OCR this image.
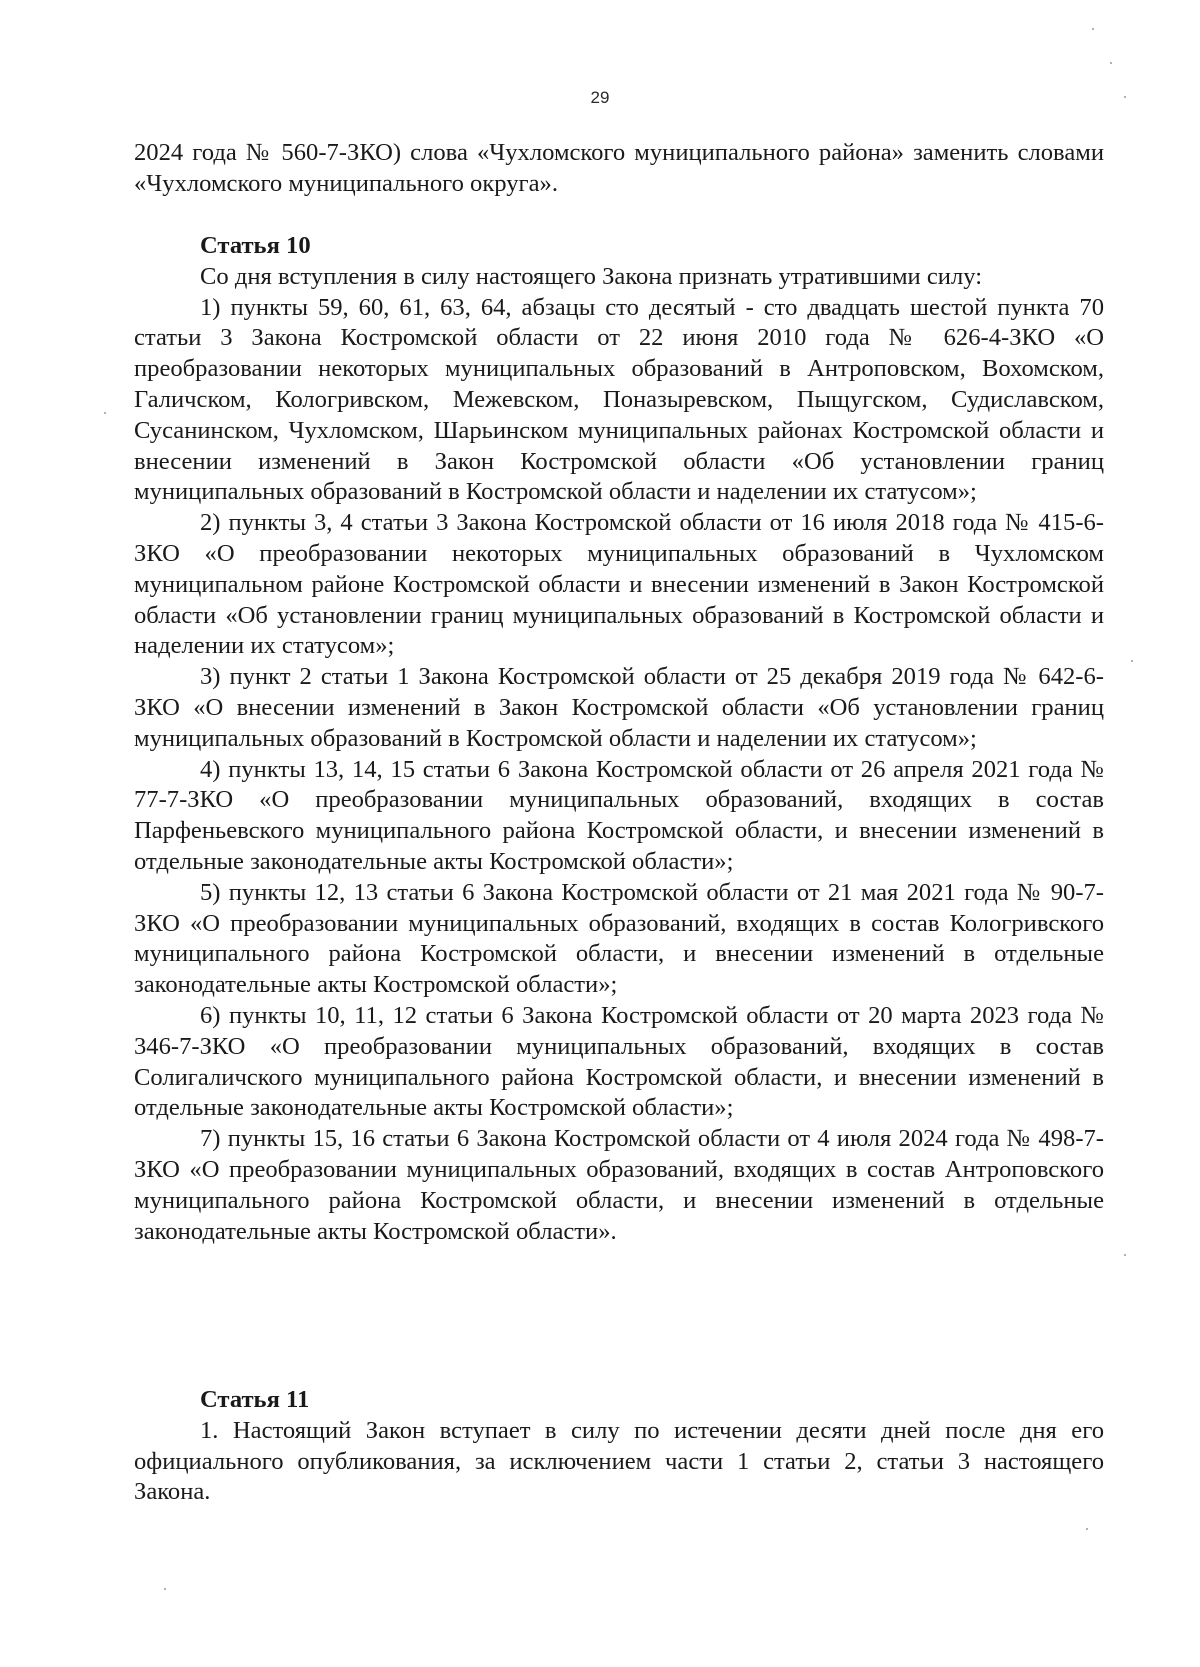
29

2024 года № 560-7-ЗКО) слова «Чухломского муниципального района» заменить словами «Чухломского муниципального округа».

Статья 10

Со дня вступления в силу настоящего Закона признать утратившими силу:

1) пункты 59, 60, 61, 63, 64, абзацы сто десятый - сто двадцать шестой пункта 70 статьи 3 Закона Костромской области от 22 июня 2010 года № 626-4-ЗКО «О преобразовании некоторых муниципальных образований в Антроповском, Вохомском, Галичском, Кологривском, Межевском, Поназыревском, Пыщугском, Судиславском, Сусанинском, Чухломском, Шарьинском муниципальных районах Костромской области и внесении изменений в Закон Костромской области «Об установлении границ муниципальных образований в Костромской области и наделении их статусом»;

2) пункты 3, 4 статьи 3 Закона Костромской области от 16 июля 2018 года № 415-6-ЗКО «О преобразовании некоторых муниципальных образований в Чухломском муниципальном районе Костромской области и внесении изменений в Закон Костромской области «Об установлении границ муниципальных образований в Костромской области и наделении их статусом»;

3) пункт 2 статьи 1 Закона Костромской области от 25 декабря 2019 года № 642-6-ЗКО «О внесении изменений в Закон Костромской области «Об установлении границ муниципальных образований в Костромской области и наделении их статусом»;

4) пункты 13, 14, 15 статьи 6 Закона Костромской области от 26 апреля 2021 года № 77-7-ЗКО «О преобразовании муниципальных образований, входящих в состав Парфеньевского муниципального района Костромской области, и внесении изменений в отдельные законодательные акты Костромской области»;

5) пункты 12, 13 статьи 6 Закона Костромской области от 21 мая 2021 года № 90-7-ЗКО «О преобразовании муниципальных образований, входящих в состав Кологривского муниципального района Костромской области, и внесении изменений в отдельные законодательные акты Костромской области»;

6) пункты 10, 11, 12 статьи 6 Закона Костромской области от 20 марта 2023 года № 346-7-ЗКО «О преобразовании муниципальных образований, входящих в состав Солигаличского муниципального района Костромской области, и внесении изменений в отдельные законодательные акты Костромской области»;

7) пункты 15, 16 статьи 6 Закона Костромской области от 4 июля 2024 года № 498-7-ЗКО «О преобразовании муниципальных образований, входящих в состав Антроповского муниципального района Костромской области, и внесении изменений в отдельные законодательные акты Костромской области».

Статья 11

1. Настоящий Закон вступает в силу по истечении десяти дней после дня его официального опубликования, за исключением части 1 статьи 2, статьи 3 настоящего Закона.
